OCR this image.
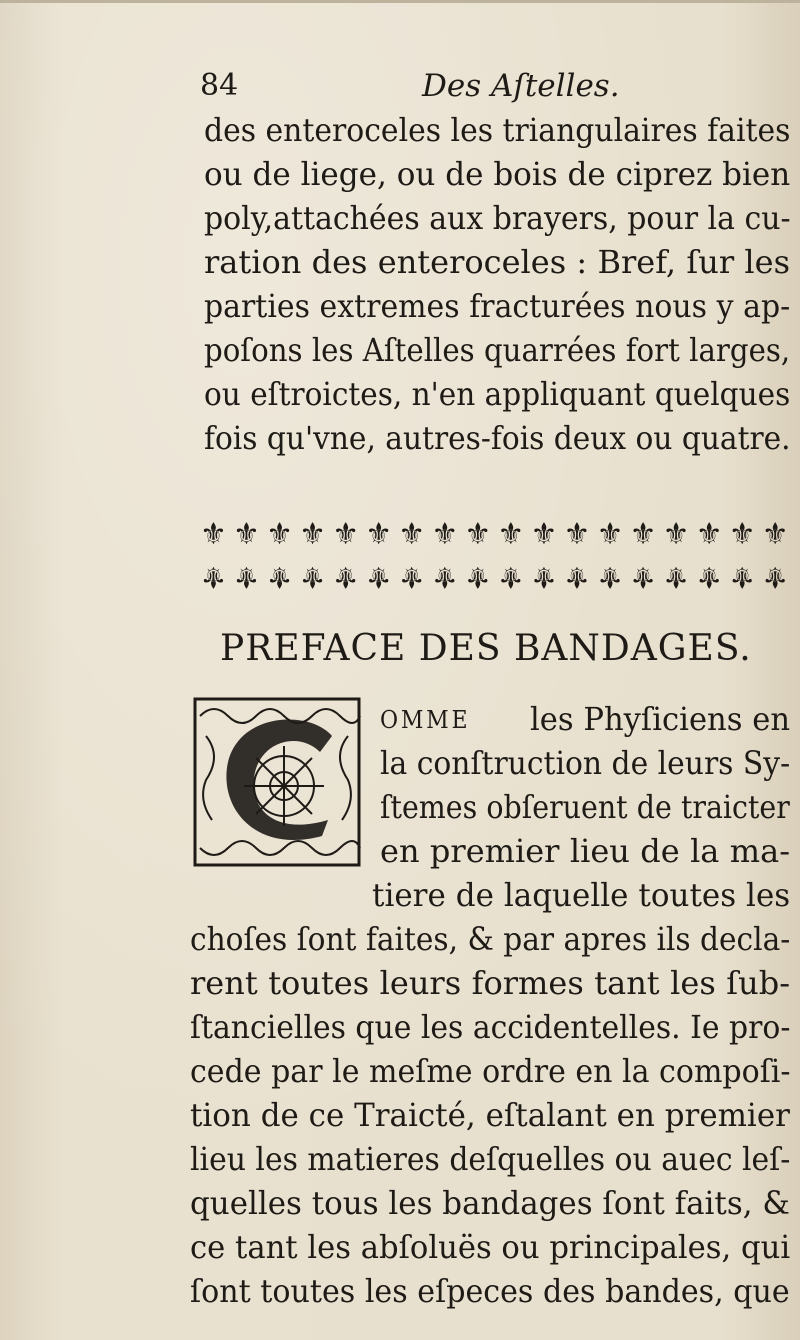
84	Des Aſtelles.
des enteroceles les triangulaires faites
ou de liege, ou de bois de ciprez bien
poly,attachées aux brayers, pour la cu-
ration des enteroceles : Bref, ſur les
parties extremes fracturées nous y ap-
poſons les Aſtelles quarrées fort larges,
ou eſtroictes, n'en appliquant quelques
fois qu'vne, autres-fois deux ou quatre.
⚜ ⚜ ⚜ ⚜ ⚜ ⚜ ⚜ ⚜ ⚜ ⚜ ⚜ ⚜ ⚜ ⚜ ⚜ ⚜ ⚜ ⚜
⚜ ⚜ ⚜ ⚜ ⚜ ⚜ ⚜ ⚜ ⚜ ⚜ ⚜ ⚜ ⚜ ⚜ ⚜ ⚜ ⚜ ⚜
PREFACE DES BANDAGES.
OMME les Phyſiciens en
la conſtruction de leurs Sy-
ſtemes obſeruent de traicter
en premier lieu de la ma-
tiere de laquelle toutes les
choſes ſont faites, & par apres ils decla-
rent toutes leurs formes tant les ſub-
ſtancielles que les accidentelles. Ie pro-
cede par le meſme ordre en la compoſi-
tion de ce Traicté, eſtalant en premier
lieu les matieres deſquelles ou auec leſ-
quelles tous les bandages ſont faits, &
ce tant les abſoluës ou principales, qui
ſont toutes les eſpeces des bandes, que
